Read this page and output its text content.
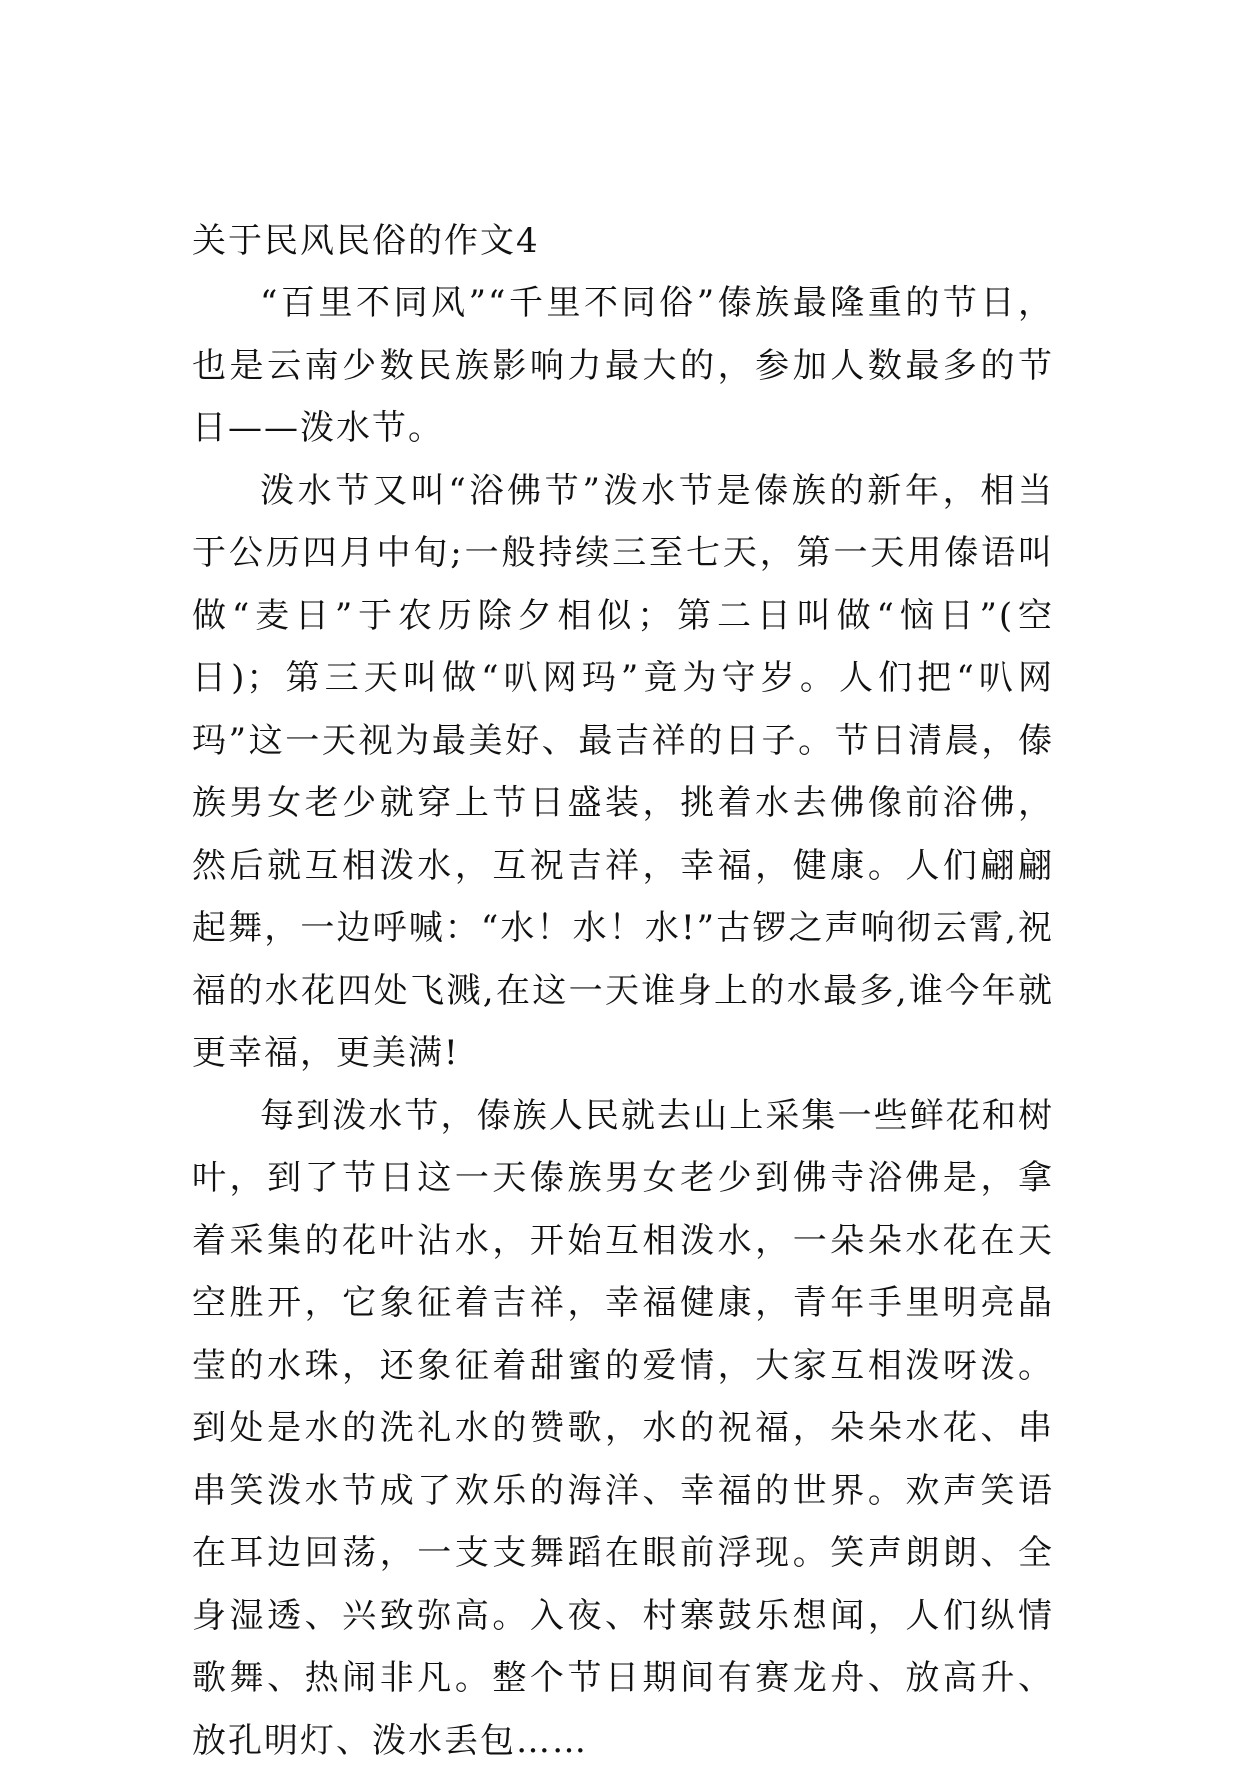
关于民风民俗的作文4

“百里不同风”“千里不同俗”傣族最隆重的节日，也是云南少数民族影响力最大的，参加人数最多的节日——泼水节。

泼水节又叫“浴佛节”泼水节是傣族的新年，相当于公历四月中旬;一般持续三至七天，第一天用傣语叫做“麦日”于农历除夕相似；第二日叫做“恼日”(空日)；第三天叫做“叭网玛”竟为守岁。人们把“叭网玛”这一天视为最美好、最吉祥的日子。节日清晨，傣族男女老少就穿上节日盛装，挑着水去佛像前浴佛，然后就互相泼水，互祝吉祥，幸福，健康。人们翩翩起舞，一边呼喊：“水！水！水!”古锣之声响彻云霄,祝福的水花四处飞溅,在这一天谁身上的水最多,谁今年就更幸福，更美满!

每到泼水节，傣族人民就去山上采集一些鲜花和树叶，到了节日这一天傣族男女老少到佛寺浴佛是，拿着采集的花叶沾水，开始互相泼水，一朵朵水花在天空胜开，它象征着吉祥，幸福健康，青年手里明亮晶莹的水珠，还象征着甜蜜的爱情，大家互相泼呀泼。到处是水的洗礼水的赞歌，水的祝福，朵朵水花、串串笑泼水节成了欢乐的海洋、幸福的世界。欢声笑语在耳边回荡，一支支舞蹈在眼前浮现。笑声朗朗、全身湿透、兴致弥高。入夜、村寨鼓乐想闻，人们纵情歌舞、热闹非凡。整个节日期间有赛龙舟、放高升、放孔明灯、泼水丢包……
